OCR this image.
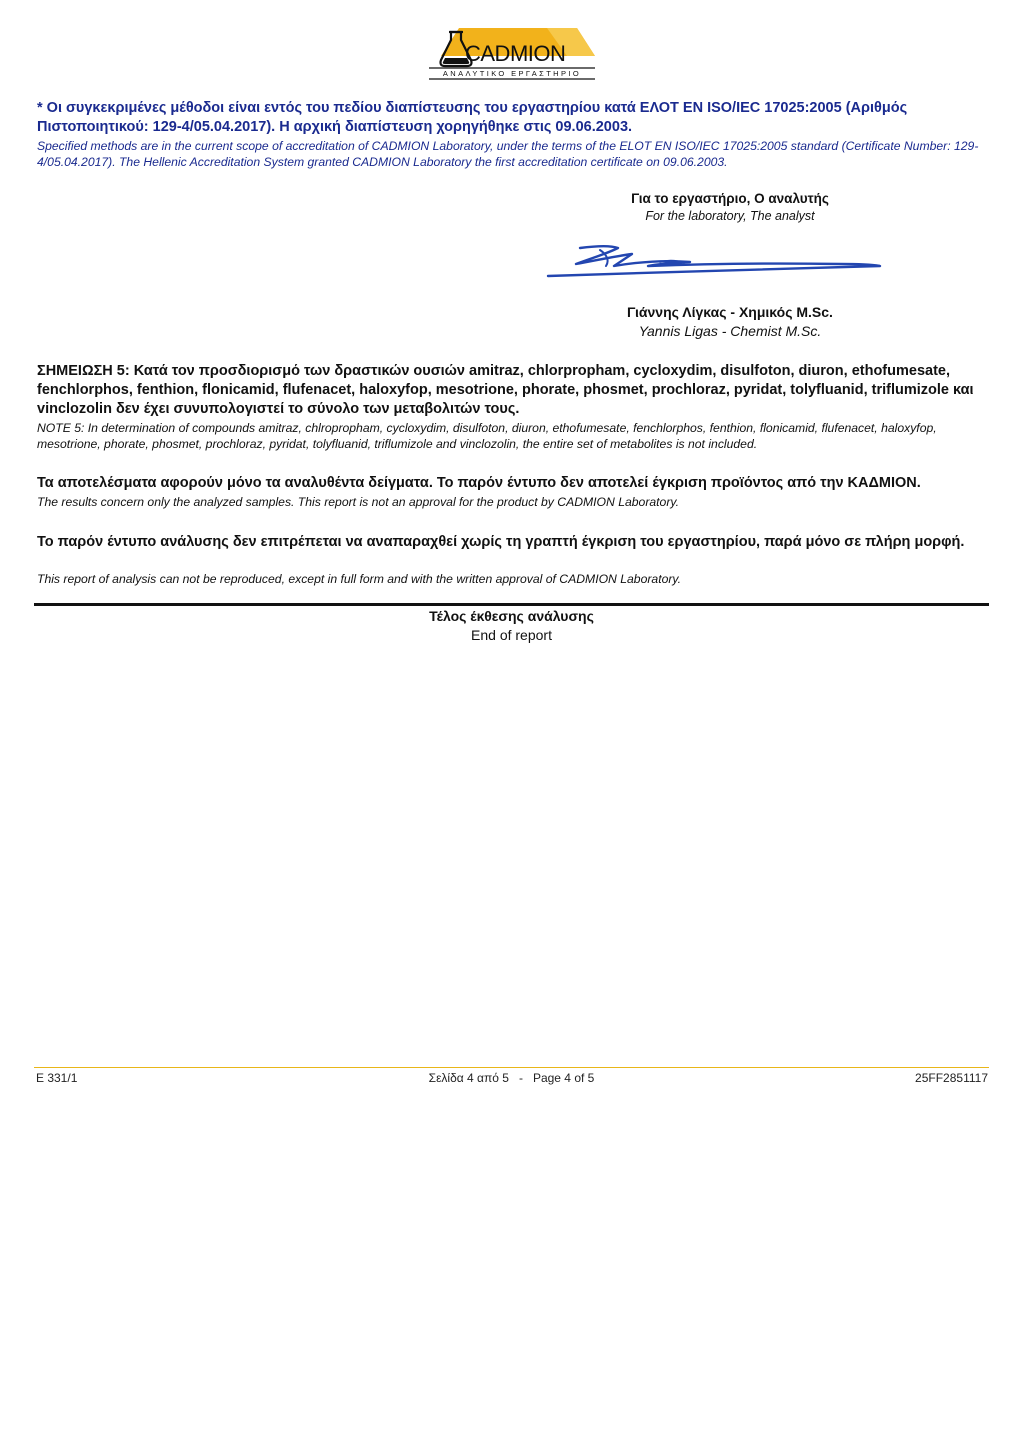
CADMION
ΑΝΑΛΥΤΙΚΟ ΕΡΓΑΣΤΗΡΙΟ
* Οι συγκεκριμένες μέθοδοι είναι εντός του πεδίου διαπίστευσης του εργαστηρίου κατά ΕΛΟΤ EN ISO/IEC 17025:2005 (Αριθμός Πιστοποιητικού: 129-4/05.04.2017). Η αρχική διαπίστευση χορηγήθηκε στις 09.06.2003.
Specified methods are in the current scope of accreditation of CADMION Laboratory, under the terms of the ELOT EN ISO/IEC 17025:2005 standard (Certificate Number: 129-4/05.04.2017). The Hellenic Accreditation System granted CADMION Laboratory the first accreditation certificate on 09.06.2003.
Για το εργαστήριο, Ο αναλυτής
For the laboratory, The analyst
Γιάννης Λίγκας - Χημικός M.Sc.
Yannis Ligas - Chemist M.Sc.
ΣΗΜΕΙΩΣΗ 5: Κατά τον προσδιορισμό των δραστικών ουσιών amitraz, chlorpropham, cycloxydim, disulfoton, diuron, ethofumesate, fenchlorphos, fenthion, flonicamid, flufenacet, haloxyfop, mesotrione, phorate, phosmet, prochloraz, pyridat, tolyfluanid, triflumizole και vinclozolin δεν έχει συνυπολογιστεί το σύνολο των μεταβολιτών τους.
NOTE 5: In determination of compounds amitraz, chlropropham, cycloxydim, disulfoton, diuron, ethofumesate, fenchlorphos, fenthion, flonicamid, flufenacet, haloxyfop, mesotrione, phorate, phosmet, prochloraz, pyridat, tolyfluanid, triflumizole and vinclozolin, the entire set of metabolites is not included.
Τα αποτελέσματα αφορούν μόνο τα αναλυθέντα δείγματα. Το παρόν έντυπο δεν αποτελεί έγκριση προϊόντος από την ΚΑΔΜΙΟΝ.
The results concern only the analyzed samples. This report is not an approval for the product by CADMION Laboratory.
Το παρόν έντυπο ανάλυσης δεν επιτρέπεται να αναπαραχθεί χωρίς τη γραπτή έγκριση του εργαστηρίου, παρά μόνο σε πλήρη μορφή.
This report of analysis can not be reproduced, except in full form and with the written approval of CADMION Laboratory.
Τέλος έκθεσης ανάλυσης
End of report
E 331/1	Σελίδα 4 από 5   -   Page 4 of 5	25FF2851117
